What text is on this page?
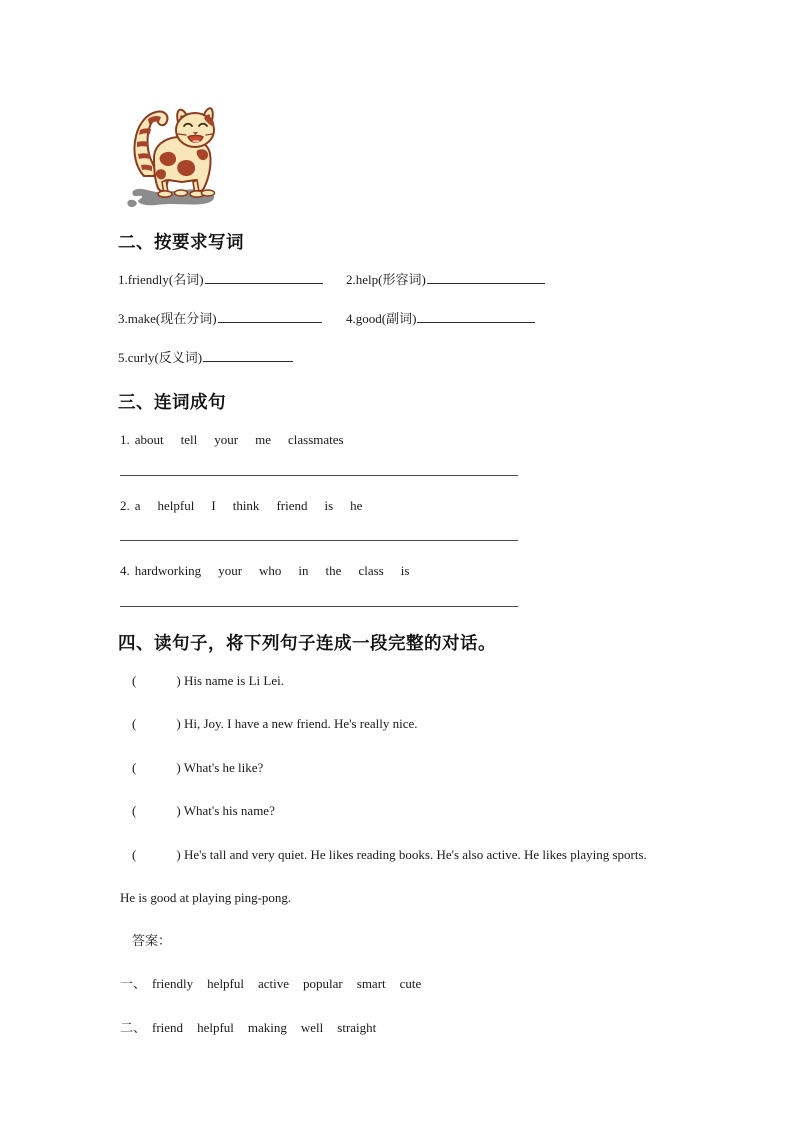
二、按要求写词
1. friendly (名词)	2. help (形容词)
3. make (现在分词)	4. good (副词)
5. curly (反义词)
三、连词成句

1. about tell your me classmates

2. a helpful I think friend is he

4. hardworking your who in the class is

四、读句子，将下列句子连成一段完整的对话。

(	) His name is Li Lei.

(	) Hi, Joy. I have a new friend. He's really nice.

(	) What's he like?

(	) What's his name?

(	) He's tall and very quiet. He likes reading books. He's also active. He likes playing sports.

He is good at playing ping-pong.

答案：

一、 friendly helpful active popular smart cute

二、 friend helpful making well straight
